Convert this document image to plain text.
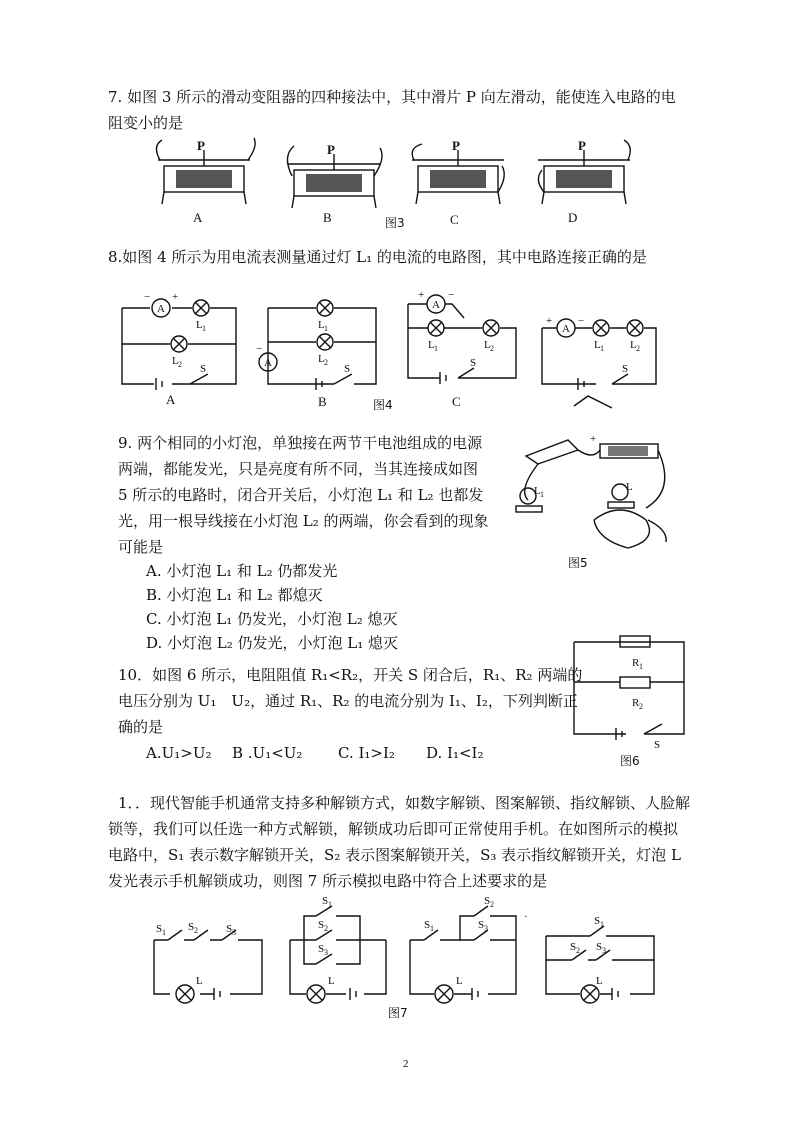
7. 如图 3 所示的滑动变阻器的四种接法中，其中滑片 P 向左滑动，能使连入电路的电
阻变小的是
P	P	P	P
A	B	图3	C	D
8.如图 4 所示为用电流表测量通过灯 L₁ 的电流的电路图，其中电路连接正确的是
A
− +
L 1
L 2 S
L 1
L 2
A
−
S
A
+ −
L 1	L 2
S
A
+ −
L 1 L 2
S
A	B	图4	C
9. 两个相同的小灯泡，单独接在两节干电池组成的电源
两端，都能发光，只是亮度有所不同，当其连接成如图
5 所示的电路时，闭合开关后，小灯泡 L₁ 和 L₂ 也都发
光，用一根导线接在小灯泡 L₂ 的两端，你会看到的现象
可能是
A. 小灯泡 L₁ 和 L₂ 仍都发光
B. 小灯泡 L₁ 和 L₂ 都熄灭
C. 小灯泡 L₁ 仍发光，小灯泡 L₂ 熄灭
D. 小灯泡 L₂ 仍发光，小灯泡 L₁ 熄灭
L 1
L
+
图5
10．如图 6 所示，电阻阻值 R₁<R₂，开关 S 闭合后，R₁、R₂ 两端的
电压分别为 U₁　U₂，通过 R₁、R₂ 的电流分别为 I₁、I₂，下列判断正
确的是
A.U₁>U₂ B .U₁<U₂ C. I₁>I₂ D. I₁<I₂
R 1
R 2
S
图6
1．．现代智能手机通常支持多种解锁方式，如数字解锁、图案解锁、指纹解锁、人脸解
锁等，我们可以任选一种方式解锁，解锁成功后即可正常使用手机。在如图所示的模拟
电路中，S₁ 表示数字解锁开关，S₂ 表示图案解锁开关，S₃ 表示指纹解锁开关，灯泡 L
发光表示手机解锁成功，则图 7 所示模拟电路中符合上述要求的是
S 1 S 2	S 3
L
S 1
S 2
S 3
L
S 1
S 2
S 3
L
·	S 1
S 2 S 3
L
图7
2
